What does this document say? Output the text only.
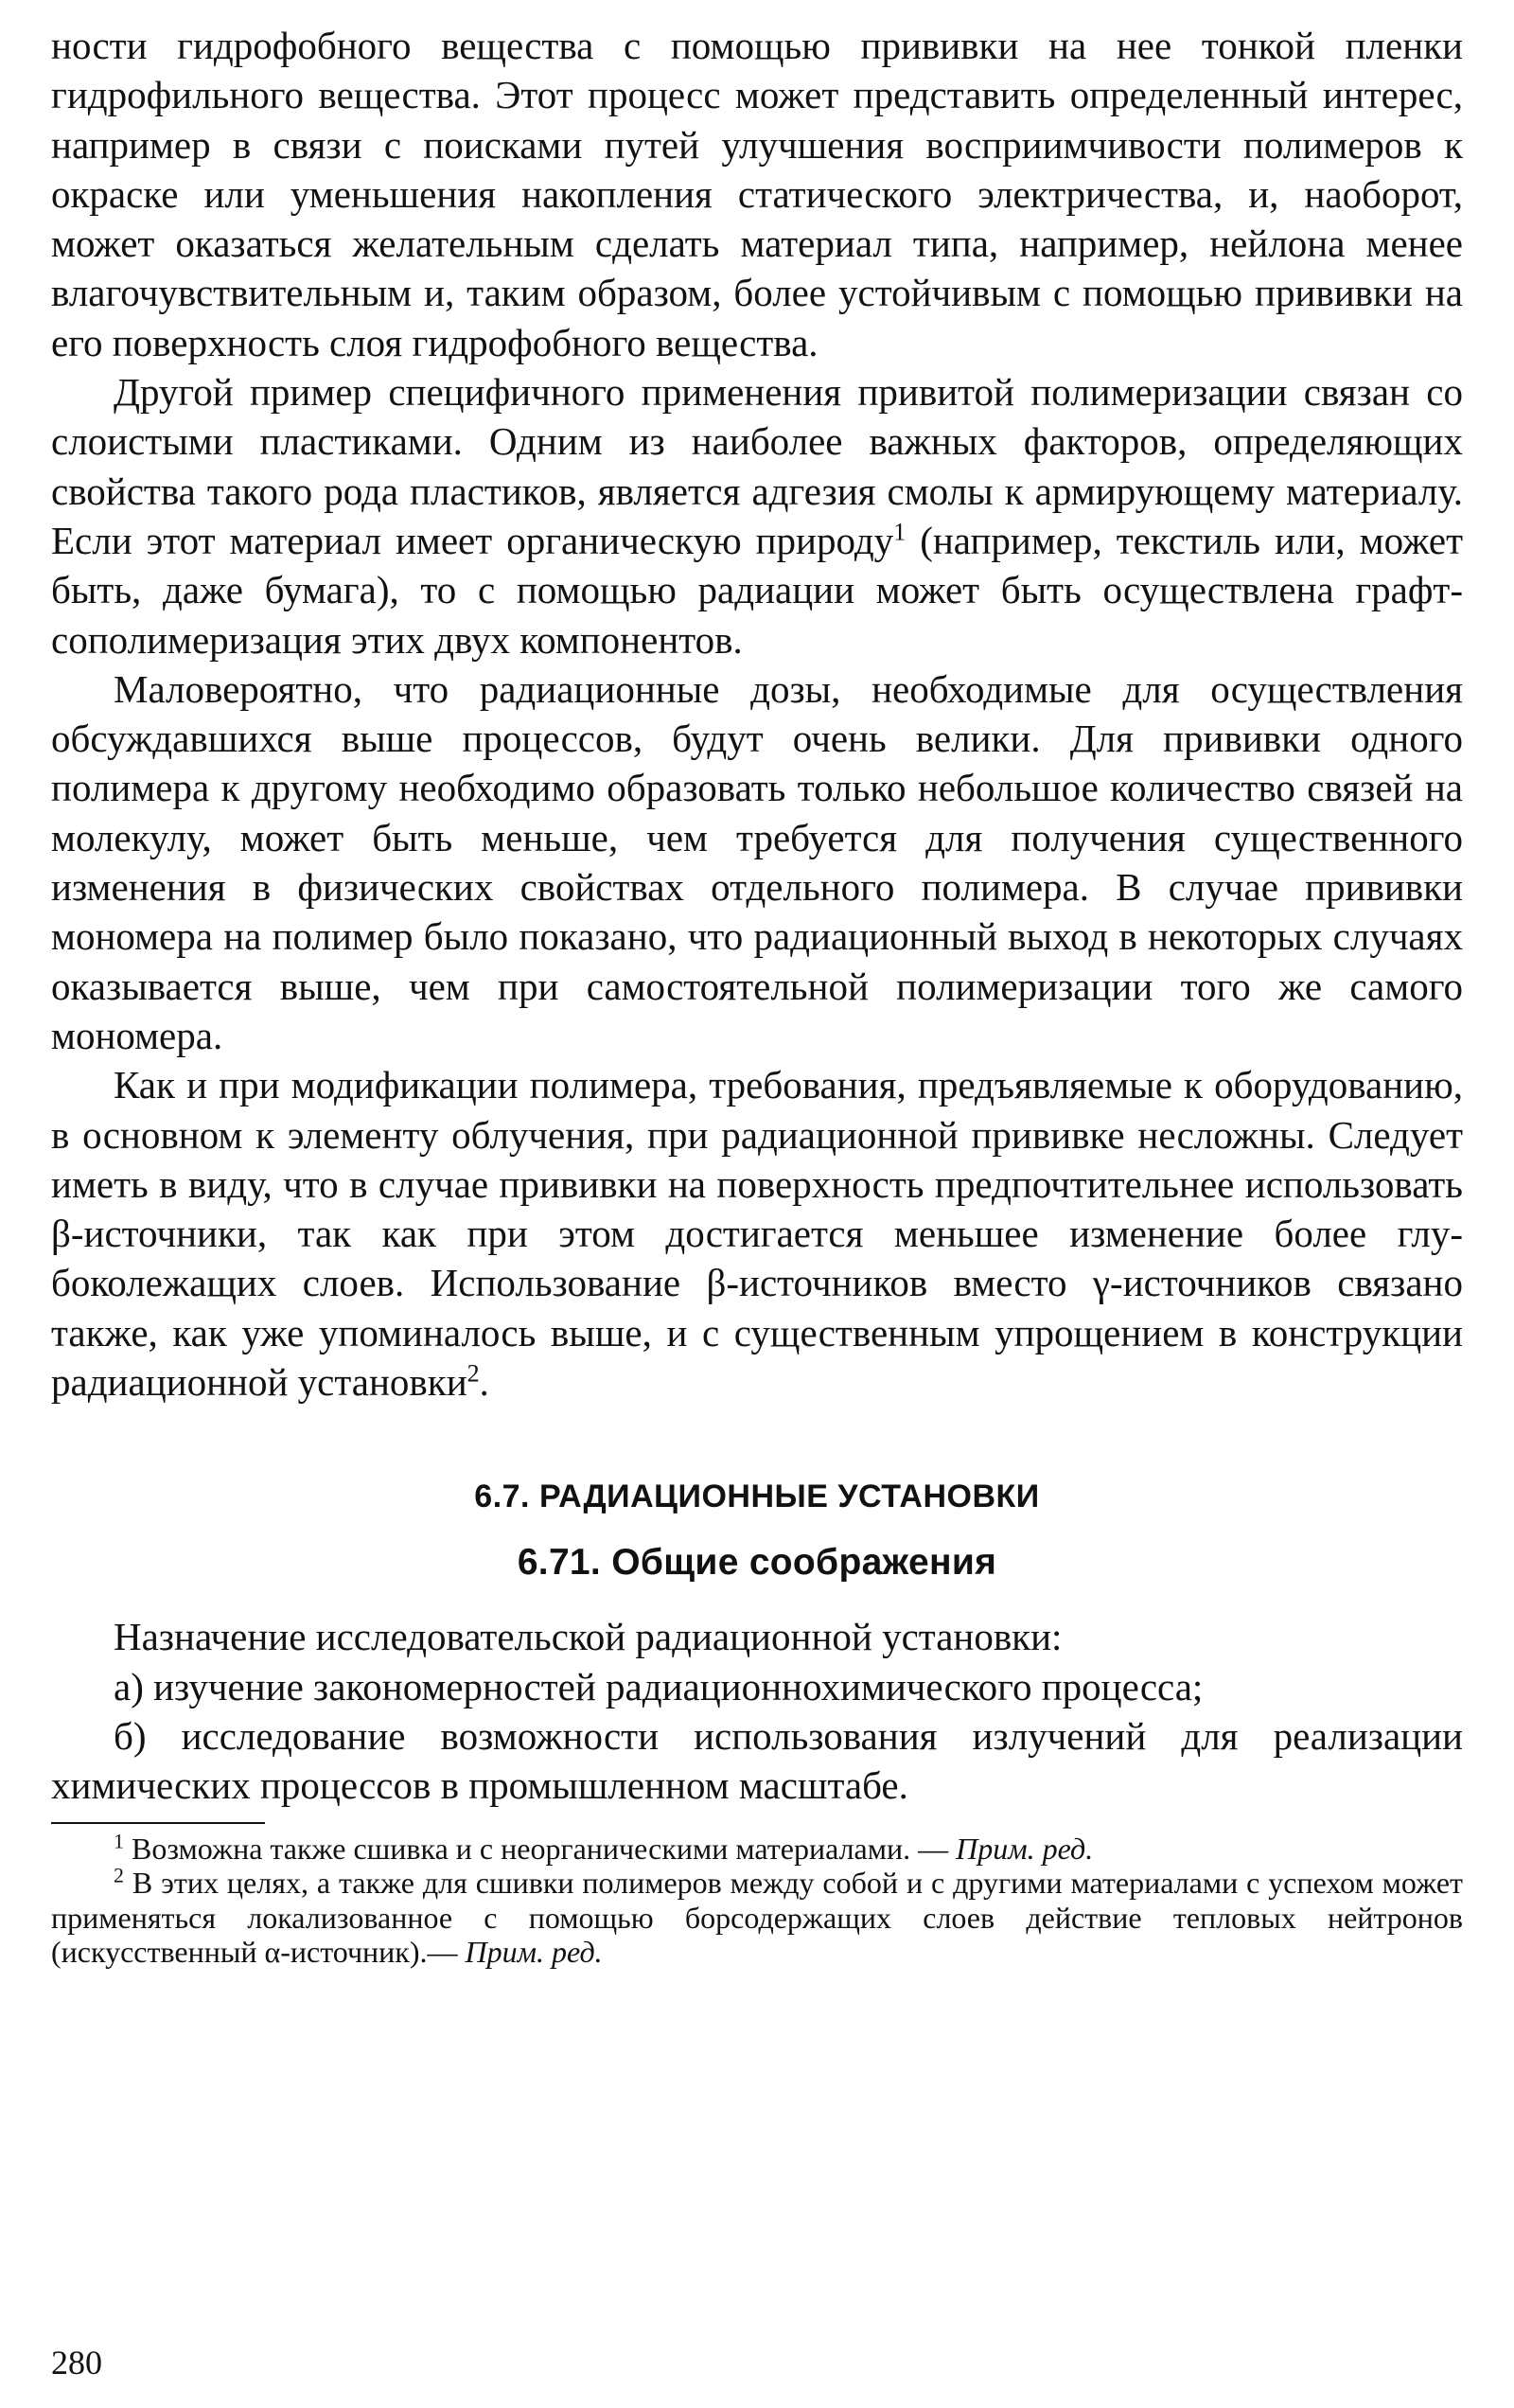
ности гидрофобного вещества с помощью прививки на нее тонкой пленки гидрофильного вещества. Этот процесс может представить определенный интерес, например в связи с поисками путей улучшения восприимчивости полимеров к окраске или уменьшения накопления статического электричества, и, наоборот, может оказаться желательным сделать материал типа, например, нейлона менее влагочувствительным и, таким образом, более устойчивым с помощью прививки на его поверхность слоя гидрофобного вещества.

Другой пример специфичного применения привитой полимеризации связан со слоистыми пластиками. Одним из наиболее важных факторов, определяющих свойства такого рода пластиков, является адгезия смолы к армирующему материалу. Если этот материал имеет органическую природу$^1$ (например, текстиль или, может быть, даже бумага), то с помощью радиации может быть осуществлена графт-сополимеризация этих двух компонентов.

Маловероятно, что радиационные дозы, необходимые для осуществления обсуждавшихся выше процессов, будут очень велики. Для прививки одного полимера к другому необходимо образовать только небольшое количество связей на молекулу, может быть меньше, чем требуется для получения существенного изменения в физических свойствах отдельного полимера. В случае прививки мономера на полимер было показано, что радиационный выход в некоторых случаях оказывается выше, чем при самостоятельной полимеризации того же самого мономера.

Как и при модификации полимера, требования, предъявляемые к оборудованию, в основном к элементу облучения, при радиационной прививке несложны. Следует иметь в виду, что в случае прививки на поверхность предпочтительнее использовать β-источники, так как при этом достигается меньшее изменение более глубоколежащих слоев. Использование β-источников вместо γ-источников связано также, как уже упоминалось выше, и с существенным упрощением в конструкции радиационной установки$^2$.

6.7. РАДИАЦИОННЫЕ УСТАНОВКИ
6.71. Общие соображения

Назначение исследовательской радиационной установки:

а) изучение закономерностей радиационнохимического процесса;

б) исследование возможности использования излучений для реализации химических процессов в промышленном масштабе.

$^1$ Возможна также сшивка и с неорганическими материалами. — Прим. ред.

$^2$ В этих целях, а также для сшивки полимеров между собой и с другими материалами с успехом может применяться локализованное с помощью борсодержащих слоев действие тепловых нейтронов (искусственный α-источник).— Прим. ред.

280
